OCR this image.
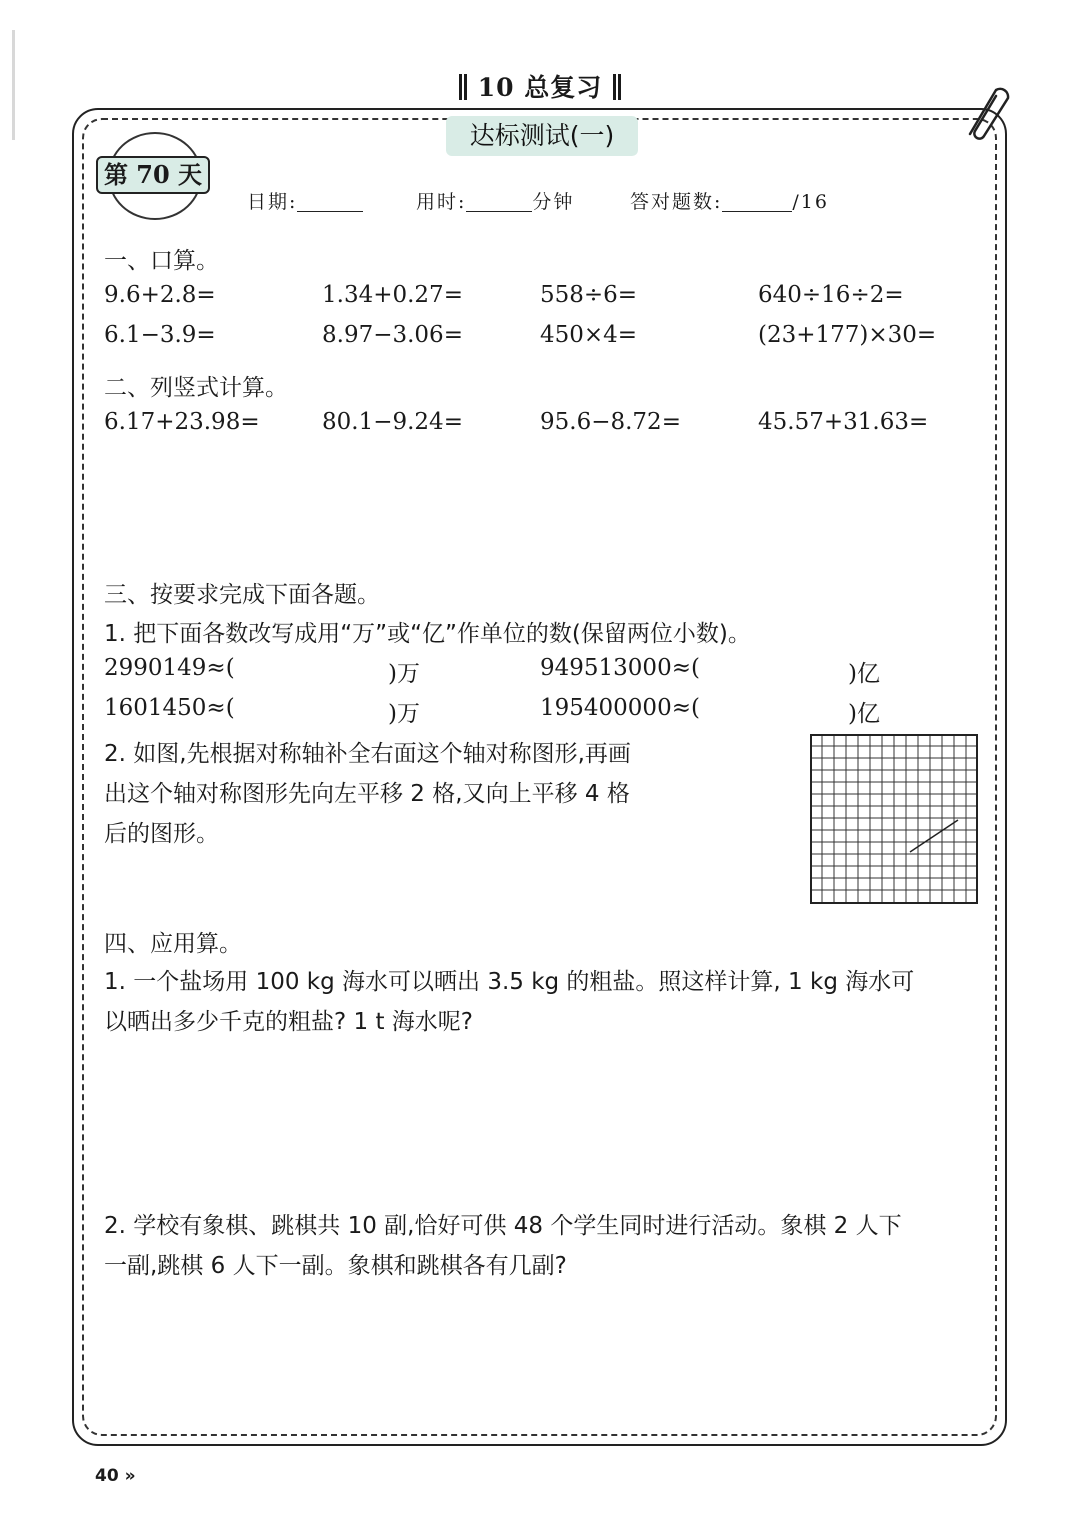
10 总复习
达标测试(一)
第 70 天
日期:	用时:	分钟	答对题数:	/16
一、口算。
9.6+2.8=	1.34+0.27=	558÷6=	640÷16÷2=
6.1−3.9=	8.97−3.06=	450×4=	(23+177)×30=
二、列竖式计算。
6.17+23.98=	80.1−9.24=	95.6−8.72=	45.57+31.63=
三、按要求完成下面各题。
1. 把下面各数改写成用“万”或“亿”作单位的数(保留两位小数)。
2990149≈(	)万	949513000≈(	)亿
1601450≈(	)万	195400000≈(	)亿
2. 如图,先根据对称轴补全右面这个轴对称图形,再画
出这个轴对称图形先向左平移 2 格,又向上平移 4 格
后的图形。
四、应用算。
1. 一个盐场用 100 kg 海水可以晒出 3.5 kg 的粗盐。照这样计算, 1 kg 海水可
以晒出多少千克的粗盐? 1 t 海水呢?
2. 学校有象棋、跳棋共 10 副,恰好可供 48 个学生同时进行活动。象棋 2 人下
一副,跳棋 6 人下一副。象棋和跳棋各有几副?
40 »
